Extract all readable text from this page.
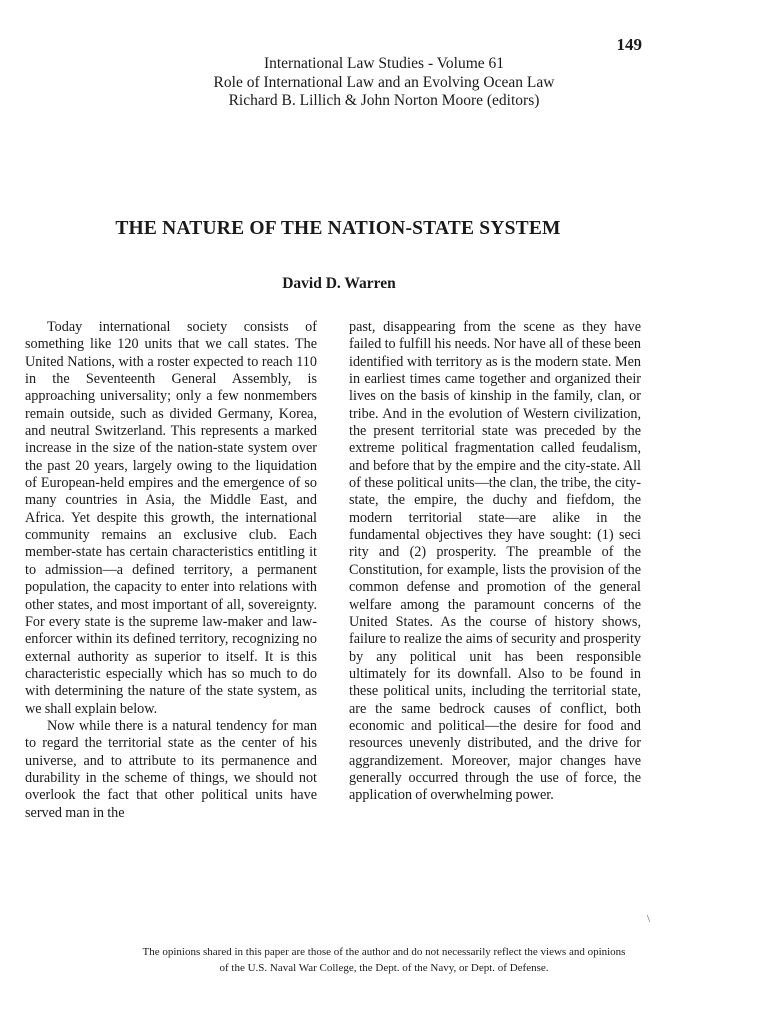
149
International Law Studies - Volume 61
Role of International Law and an Evolving Ocean Law
Richard B. Lillich & John Norton Moore (editors)
THE NATURE OF THE NATION-STATE SYSTEM
David D. Warren

Today international society consists of something like 120 units that we call states. The United Nations, with a roster expected to reach 110 in the Seventeenth General Assembly, is approaching universality; only a few nonmembers remain outside, such as divided Germany, Korea, and neutral Switzerland. This represents a marked increase in the size of the nation-state system over the past 20 years, largely owing to the liquidation of European-held empires and the emergence of so many countries in Asia, the Middle East, and Africa. Yet despite this growth, the international community remains an exclusive club. Each member-state has certain characteristics entitling it to admission—a defined territory, a permanent population, the capacity to enter into relations with other states, and most important of all, sovereignty. For every state is the supreme law-maker and law-enforcer within its defined territory, recognizing no external authority as superior to itself. It is this characteristic especially which has so much to do with determining the nature of the state system, as we shall explain below.

Now while there is a natural tendency for man to regard the territorial state as the center of his universe, and to attribute to its permanence and durability in the scheme of things, we should not overlook the fact that other political units have served man in the

past, disappearing from the scene as they have failed to fulfill his needs. Nor have all of these been identified with territory as is the modern state. Men in earliest times came together and organized their lives on the basis of kinship in the family, clan, or tribe. And in the evolution of Western civilization, the present territorial state was preceded by the extreme political fragmentation called feudalism, and before that by the empire and the city-state. All of these political units—the clan, the tribe, the city-state, the empire, the duchy and fiefdom, the modern territorial state—are alike in the fundamental objectives they have sought: (1) seci rity and (2) prosperity. The preamble of the Constitution, for example, lists the provision of the common defense and promotion of the general welfare among the paramount concerns of the United States. As the course of history shows, failure to realize the aims of security and prosperity by any political unit has been responsible ultimately for its downfall. Also to be found in these political units, including the territorial state, are the same bedrock causes of conflict, both economic and political—the desire for food and resources unevenly distributed, and the drive for aggrandizement. Moreover, major changes have generally occurred through the use of force, the application of overwhelming power.

\
The opinions shared in this paper are those of the author and do not necessarily reflect the views and opinions
of the U.S. Naval War College, the Dept. of the Navy, or Dept. of Defense.
